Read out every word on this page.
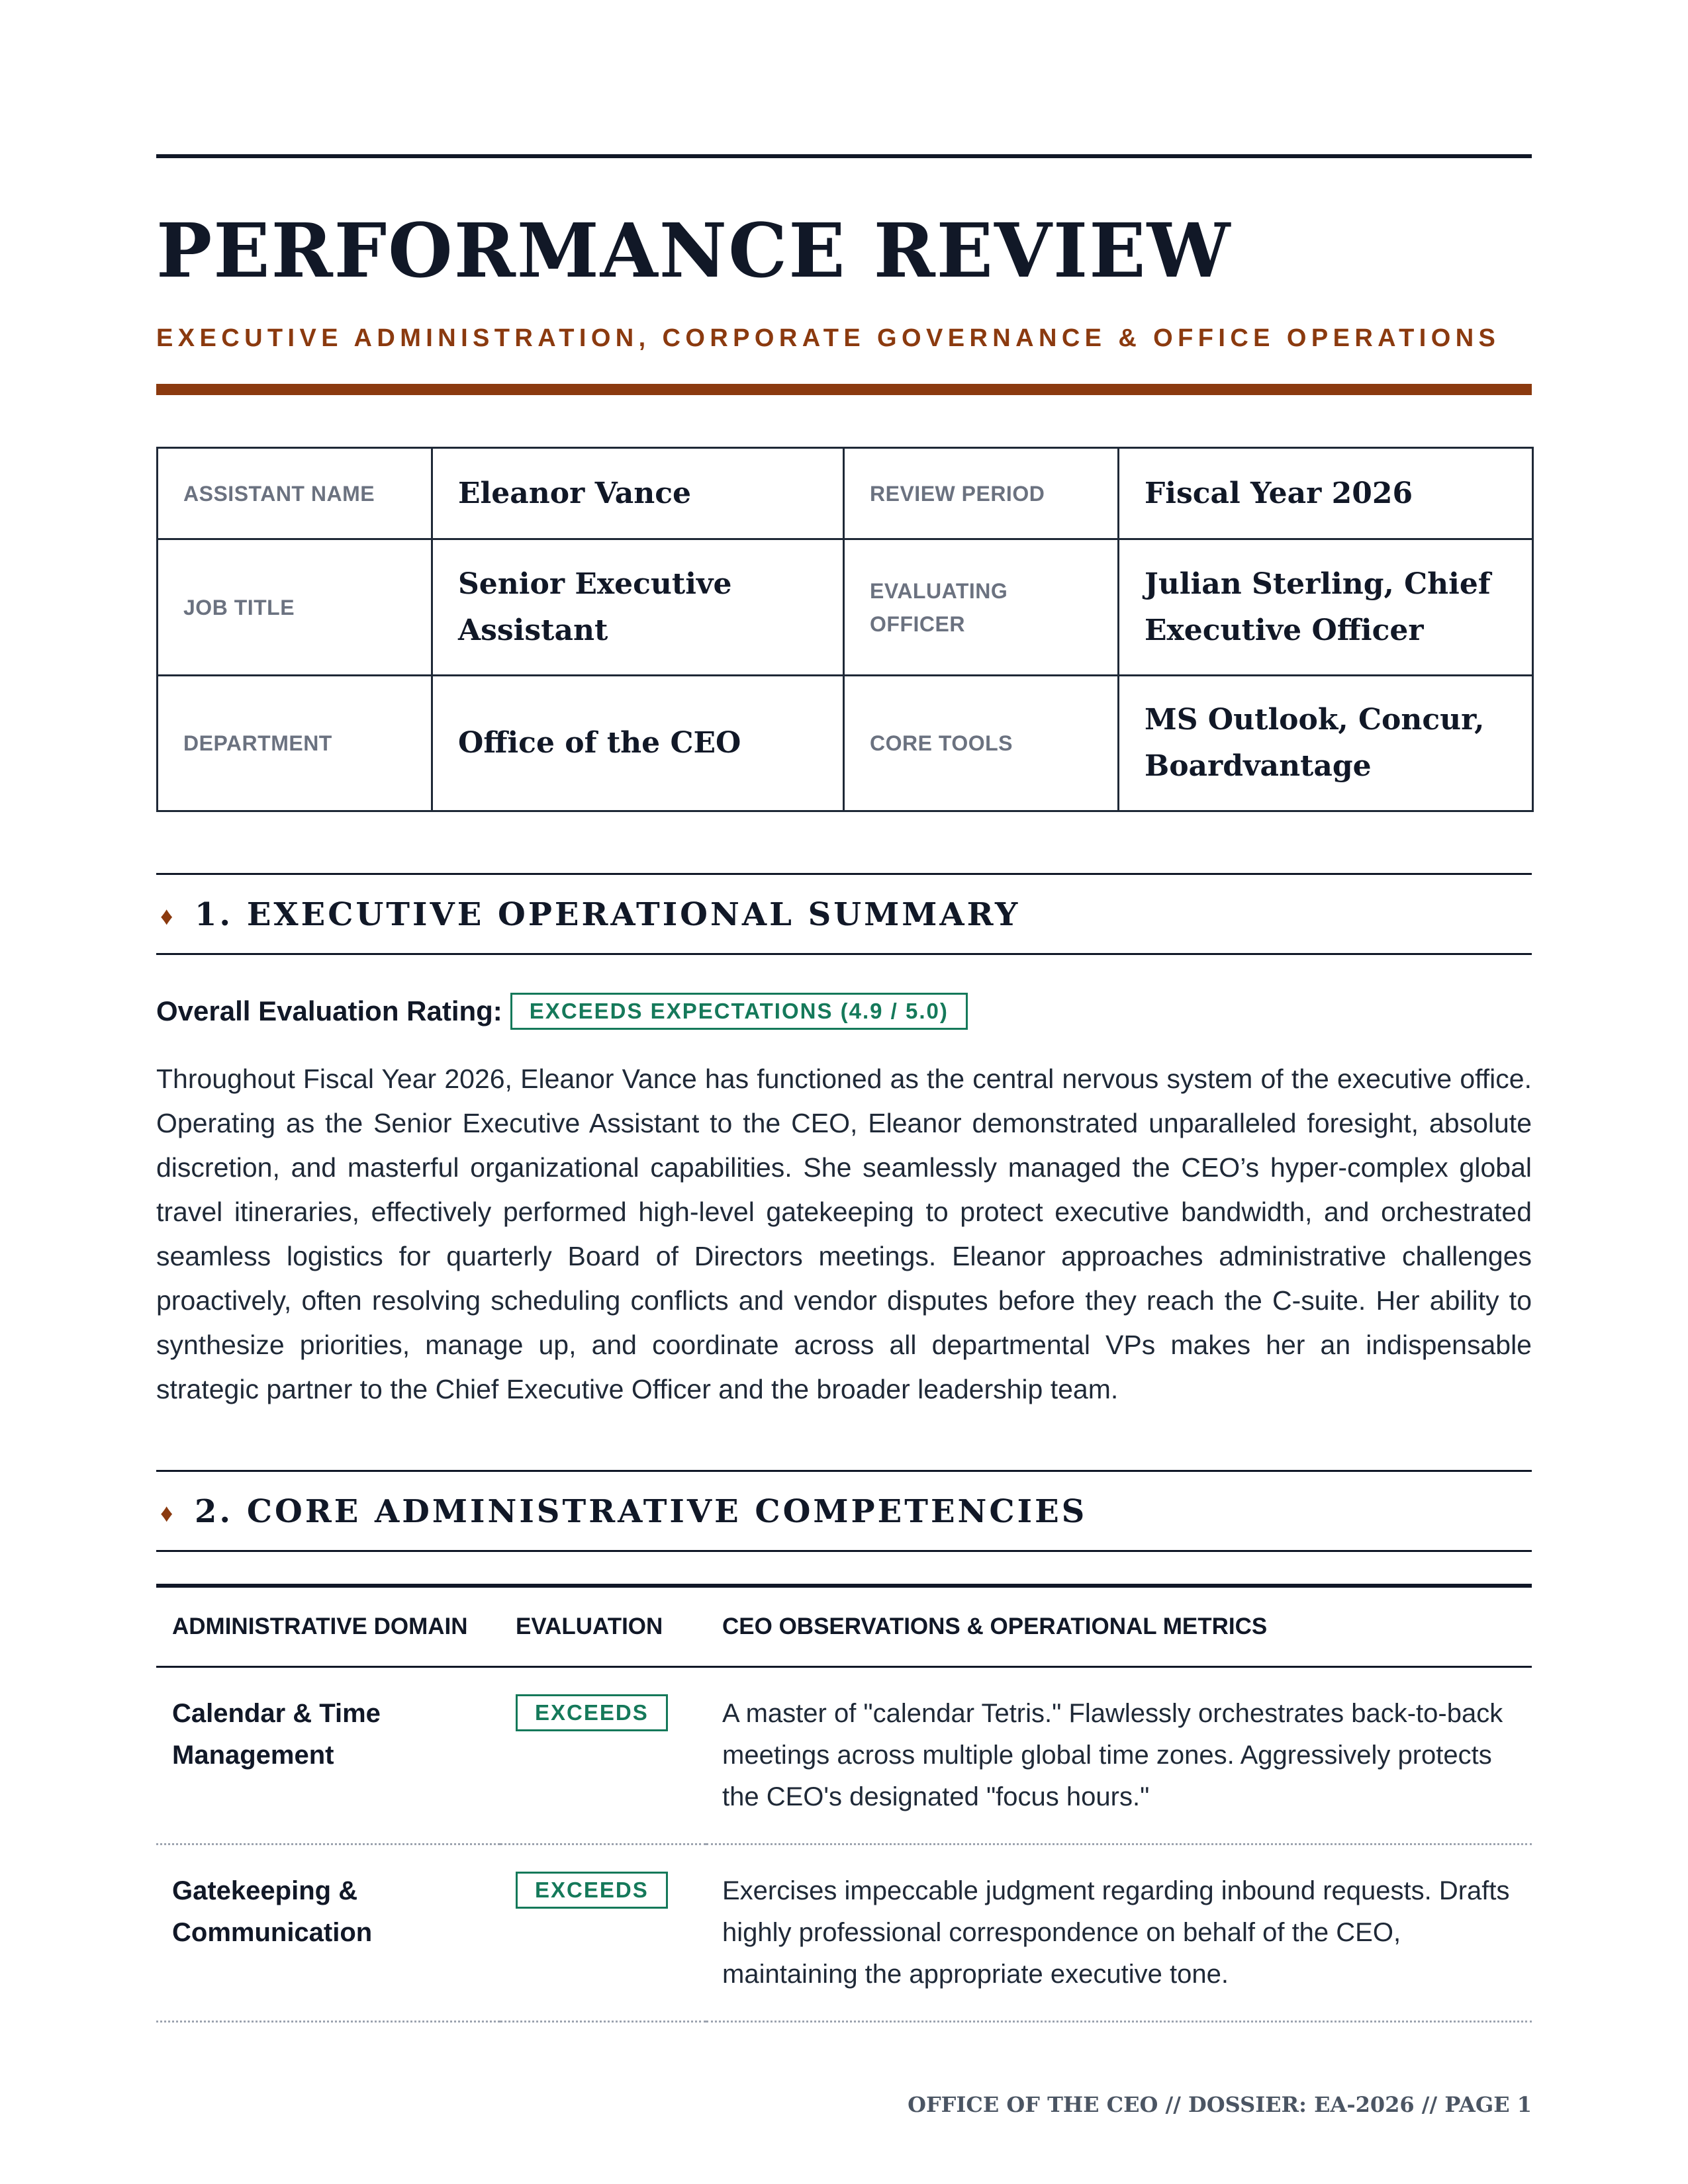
PERFORMANCE REVIEW
EXECUTIVE ADMINISTRATION, CORPORATE GOVERNANCE & OFFICE OPERATIONS
ASSISTANT NAME	Eleanor Vance	REVIEW PERIOD	Fiscal Year 2026

JOB TITLE	Senior Executive Assistant	EVALUATING OFFICER	Julian Sterling, Chief Executive Officer

DEPARTMENT	Office of the CEO	CORE TOOLS	MS Outlook, Concur, Boardvantage
♦ 1. EXECUTIVE OPERATIONAL SUMMARY
Overall Evaluation Rating:	EXCEEDS EXPECTATIONS (4.9 / 5.0)

Throughout Fiscal Year 2026, Eleanor Vance has functioned as the central nervous system of the executive office. Operating as the Senior Executive Assistant to the CEO, Eleanor demonstrated unparalleled foresight, absolute discretion, and masterful organizational capabilities. She seamlessly managed the CEO’s hyper-complex global travel itineraries, effectively performed high-level gatekeeping to protect executive bandwidth, and orchestrated seamless logistics for quarterly Board of Directors meetings. Eleanor approaches administrative challenges proactively, often resolving scheduling conflicts and vendor disputes before they reach the C-suite. Her ability to synthesize priorities, manage up, and coordinate across all departmental VPs makes her an indispensable strategic partner to the Chief Executive Officer and the broader leadership team.

♦ 2. CORE ADMINISTRATIVE COMPETENCIES
ADMINISTRATIVE DOMAIN	EVALUATION	CEO OBSERVATIONS & OPERATIONAL METRICS

Calendar & Time Management	EXCEEDS	A master of "calendar Tetris." Flawlessly orchestrates back-to-back meetings across multiple global time zones. Aggressively protects the CEO's designated "focus hours."

Gatekeeping & Communication	EXCEEDS	Exercises impeccable judgment regarding inbound requests. Drafts highly professional correspondence on behalf of the CEO, maintaining the appropriate executive tone.
OFFICE OF THE CEO // DOSSIER: EA-2026 // PAGE 1
